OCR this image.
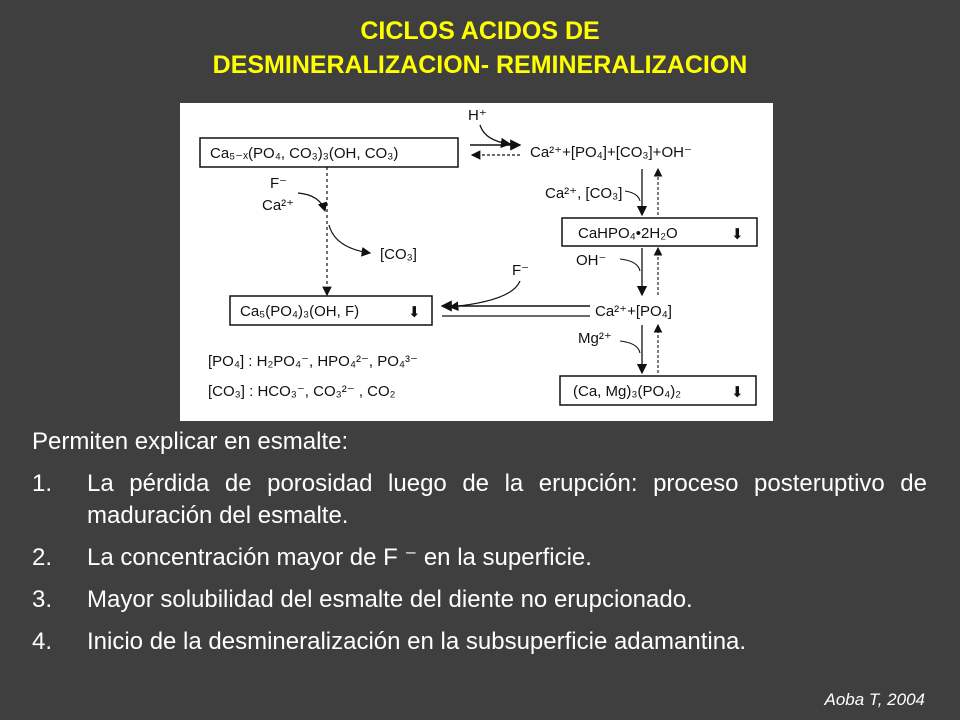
CICLOS ACIDOS DE
DESMINERALIZACION- REMINERALIZACION
H⁺
Ca₅₋ₓ(PO₄, CO₃)₃(OH, CO₃)	Ca²⁺+[PO₄]+[CO₃]+OH⁻
F⁻
Ca²⁺
[CO₃]
Ca²⁺, [CO₃]
CaHPO₄•2H₂O	⬇
OH⁻
F⁻
Ca₅(PO₄)₃(OH, F)	⬇	Ca²⁺+[PO₄]
Mg²⁺
[PO₄] : H₂PO₄⁻, HPO₄²⁻, PO₄³⁻
[CO₃] : HCO₃⁻, CO₃²⁻ , CO₂	(Ca, Mg)₃(PO₄)₂	⬇
Permiten explicar en esmalte:
1.	La pérdida de porosidad luego de la erupción: proceso posteruptivo de maduración del esmalte.
2.	La concentración mayor de F ⁻ en la superficie.
3.	Mayor solubilidad del esmalte del diente no erupcionado.
4.	Inicio de la desmineralización en la subsuperficie adamantina.
Aoba T, 2004
